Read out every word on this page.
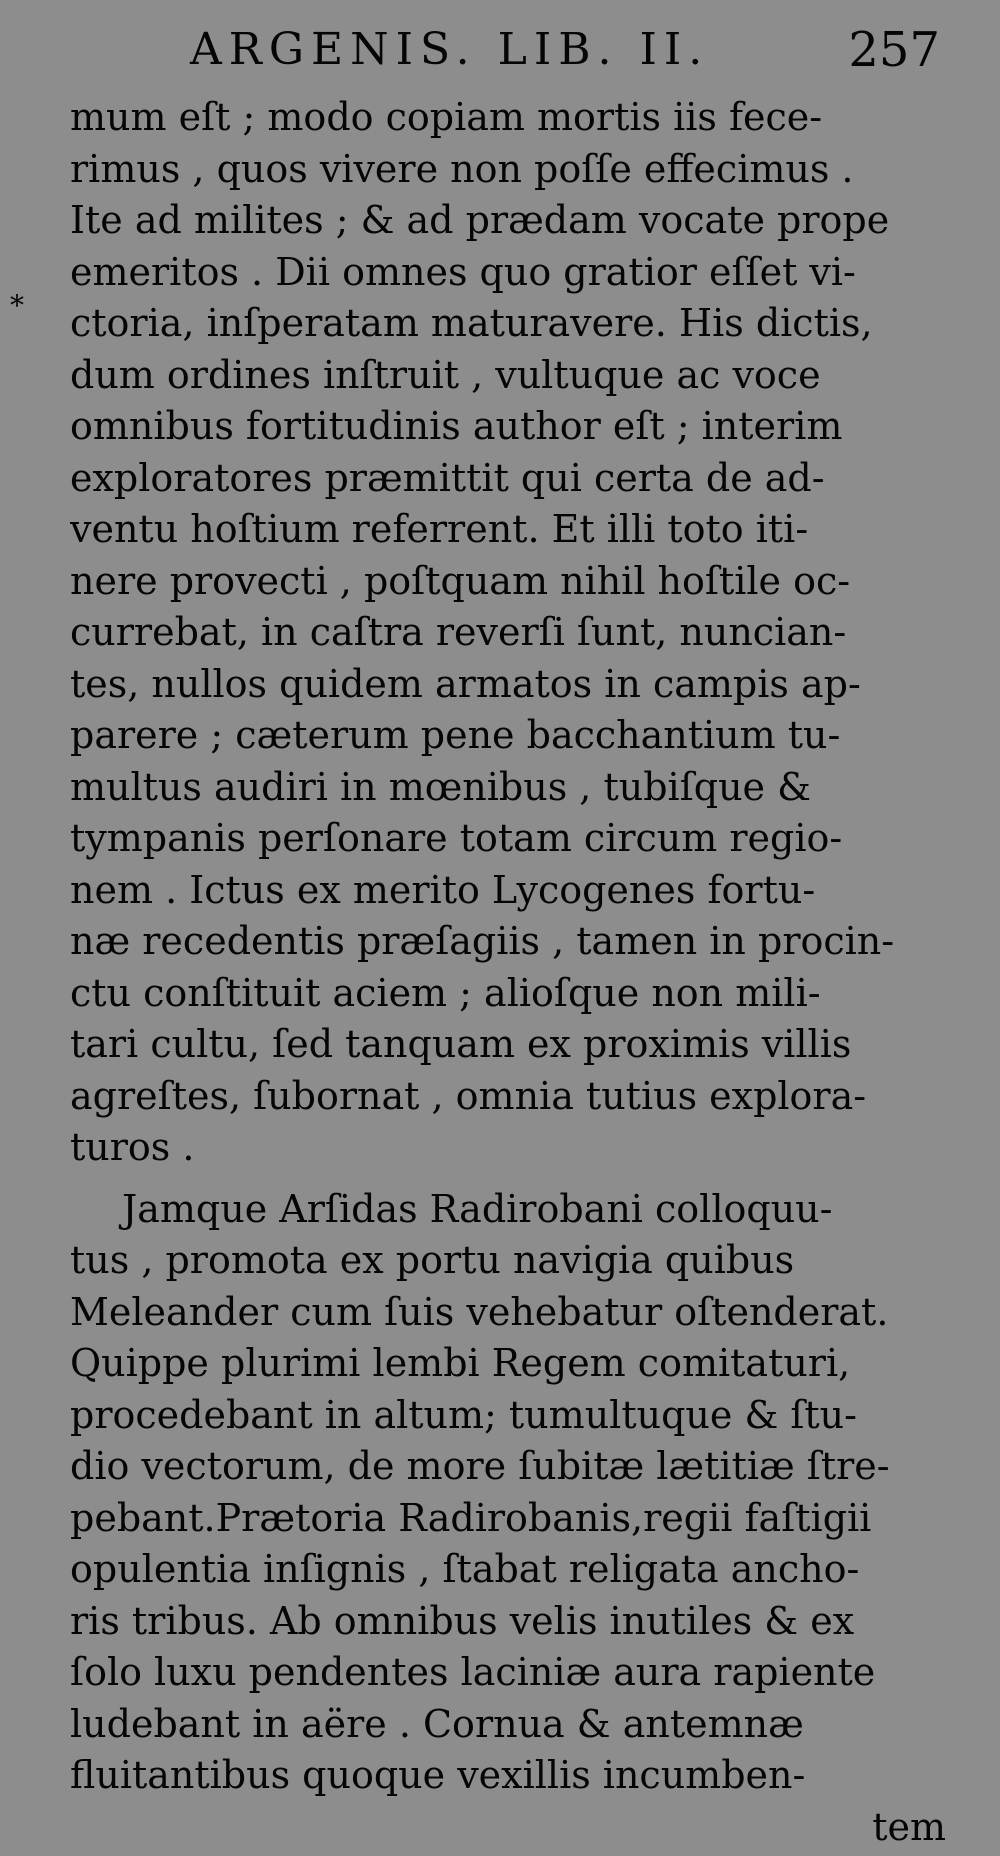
ARGENIS. LIB. II.	257
*
mum eſt ; modo copiam mortis iis fece-
rimus , quos vivere non poſſe effecimus .
Ite ad milites ; & ad prædam vocate prope
emeritos . Dii omnes quo gratior eſſet vi-
ctoria, inſperatam maturavere. His dictis,
dum ordines inſtruit , vultuque ac voce
omnibus fortitudinis author eſt ; interim
exploratores præmittit qui certa de ad-
ventu hoſtium referrent. Et illi toto iti-
nere provecti , poſtquam nihil hoſtile oc-
currebat, in caſtra reverſi ſunt, nuncian-
tes, nullos quidem armatos in campis ap-
parere ; cæterum pene bacchantium tu-
multus audiri in mœnibus , tubiſque &
tympanis perſonare totam circum regio-
nem . Ictus ex merito Lycogenes fortu-
næ recedentis præſagiis , tamen in procin-
ctu conſtituit aciem ; alioſque non mili-
tari cultu, ſed tanquam ex proximis villis
agreſtes, ſubornat , omnia tutius explora-
turos .
Jamque Arſidas Radirobani colloquu-
tus , promota ex portu navigia quibus
Meleander cum ſuis vehebatur oſtenderat.
Quippe plurimi lembi Regem comitaturi,
procedebant in altum; tumultuque & ſtu-
dio vectorum, de more ſubitæ lætitiæ ſtre-
pebant.Prætoria Radirobanis,regii faſtigii
opulentia inſignis , ſtabat religata ancho-
ris tribus. Ab omnibus velis inutiles & ex
ſolo luxu pendentes laciniæ aura rapiente
ludebant in aëre . Cornua & antemnæ
fluitantibus quoque vexillis incumben-
tem
